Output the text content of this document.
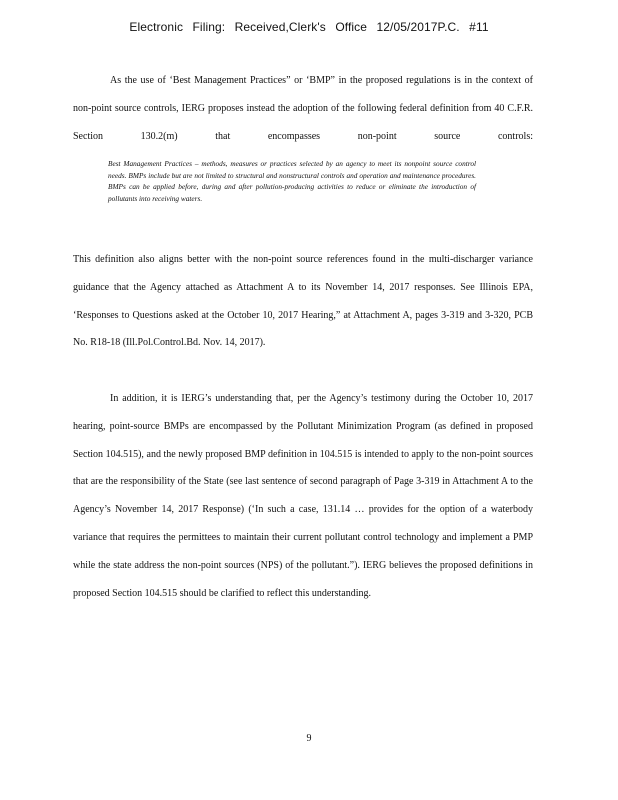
Electronic Filing: Received,Clerk's Office 12/05/2017P.C. #11

As the use of ‘Best Management Practices” or ‘BMP” in the proposed regulations is in the context of non-point source controls, IERG proposes instead the adoption of the following federal definition from 40 C.F.R. Section 130.2(m) that encompasses non-point source controls:

Best Management Practices – methods, measures or practices selected by an agency to meet its nonpoint source control needs. BMPs include but are not limited to structural and nonstructural controls and operation and maintenance procedures. BMPs can be applied before, during and after pollution-producing activities to reduce or eliminate the introduction of pollutants into receiving waters.

This definition also aligns better with the non-point source references found in the multi-discharger variance guidance that the Agency attached as Attachment A to its November 14, 2017 responses. See Illinois EPA, ‘Responses to Questions asked at the October 10, 2017 Hearing,” at Attachment A, pages 3-319 and 3-320, PCB No. R18-18 (Ill.Pol.Control.Bd. Nov. 14, 2017).

In addition, it is IERG’s understanding that, per the Agency’s testimony during the October 10, 2017 hearing, point-source BMPs are encompassed by the Pollutant Minimization Program (as defined in proposed Section 104.515), and the newly proposed BMP definition in 104.515 is intended to apply to the non-point sources that are the responsibility of the State (see last sentence of second paragraph of Page 3-319 in Attachment A to the Agency’s November 14, 2017 Response) (‘In such a case, 131.14 … provides for the option of a waterbody variance that requires the permittees to maintain their current pollutant control technology and implement a PMP while the state address the non-point sources (NPS) of the pollutant.”). IERG believes the proposed definitions in proposed Section 104.515 should be clarified to reflect this understanding.

9
